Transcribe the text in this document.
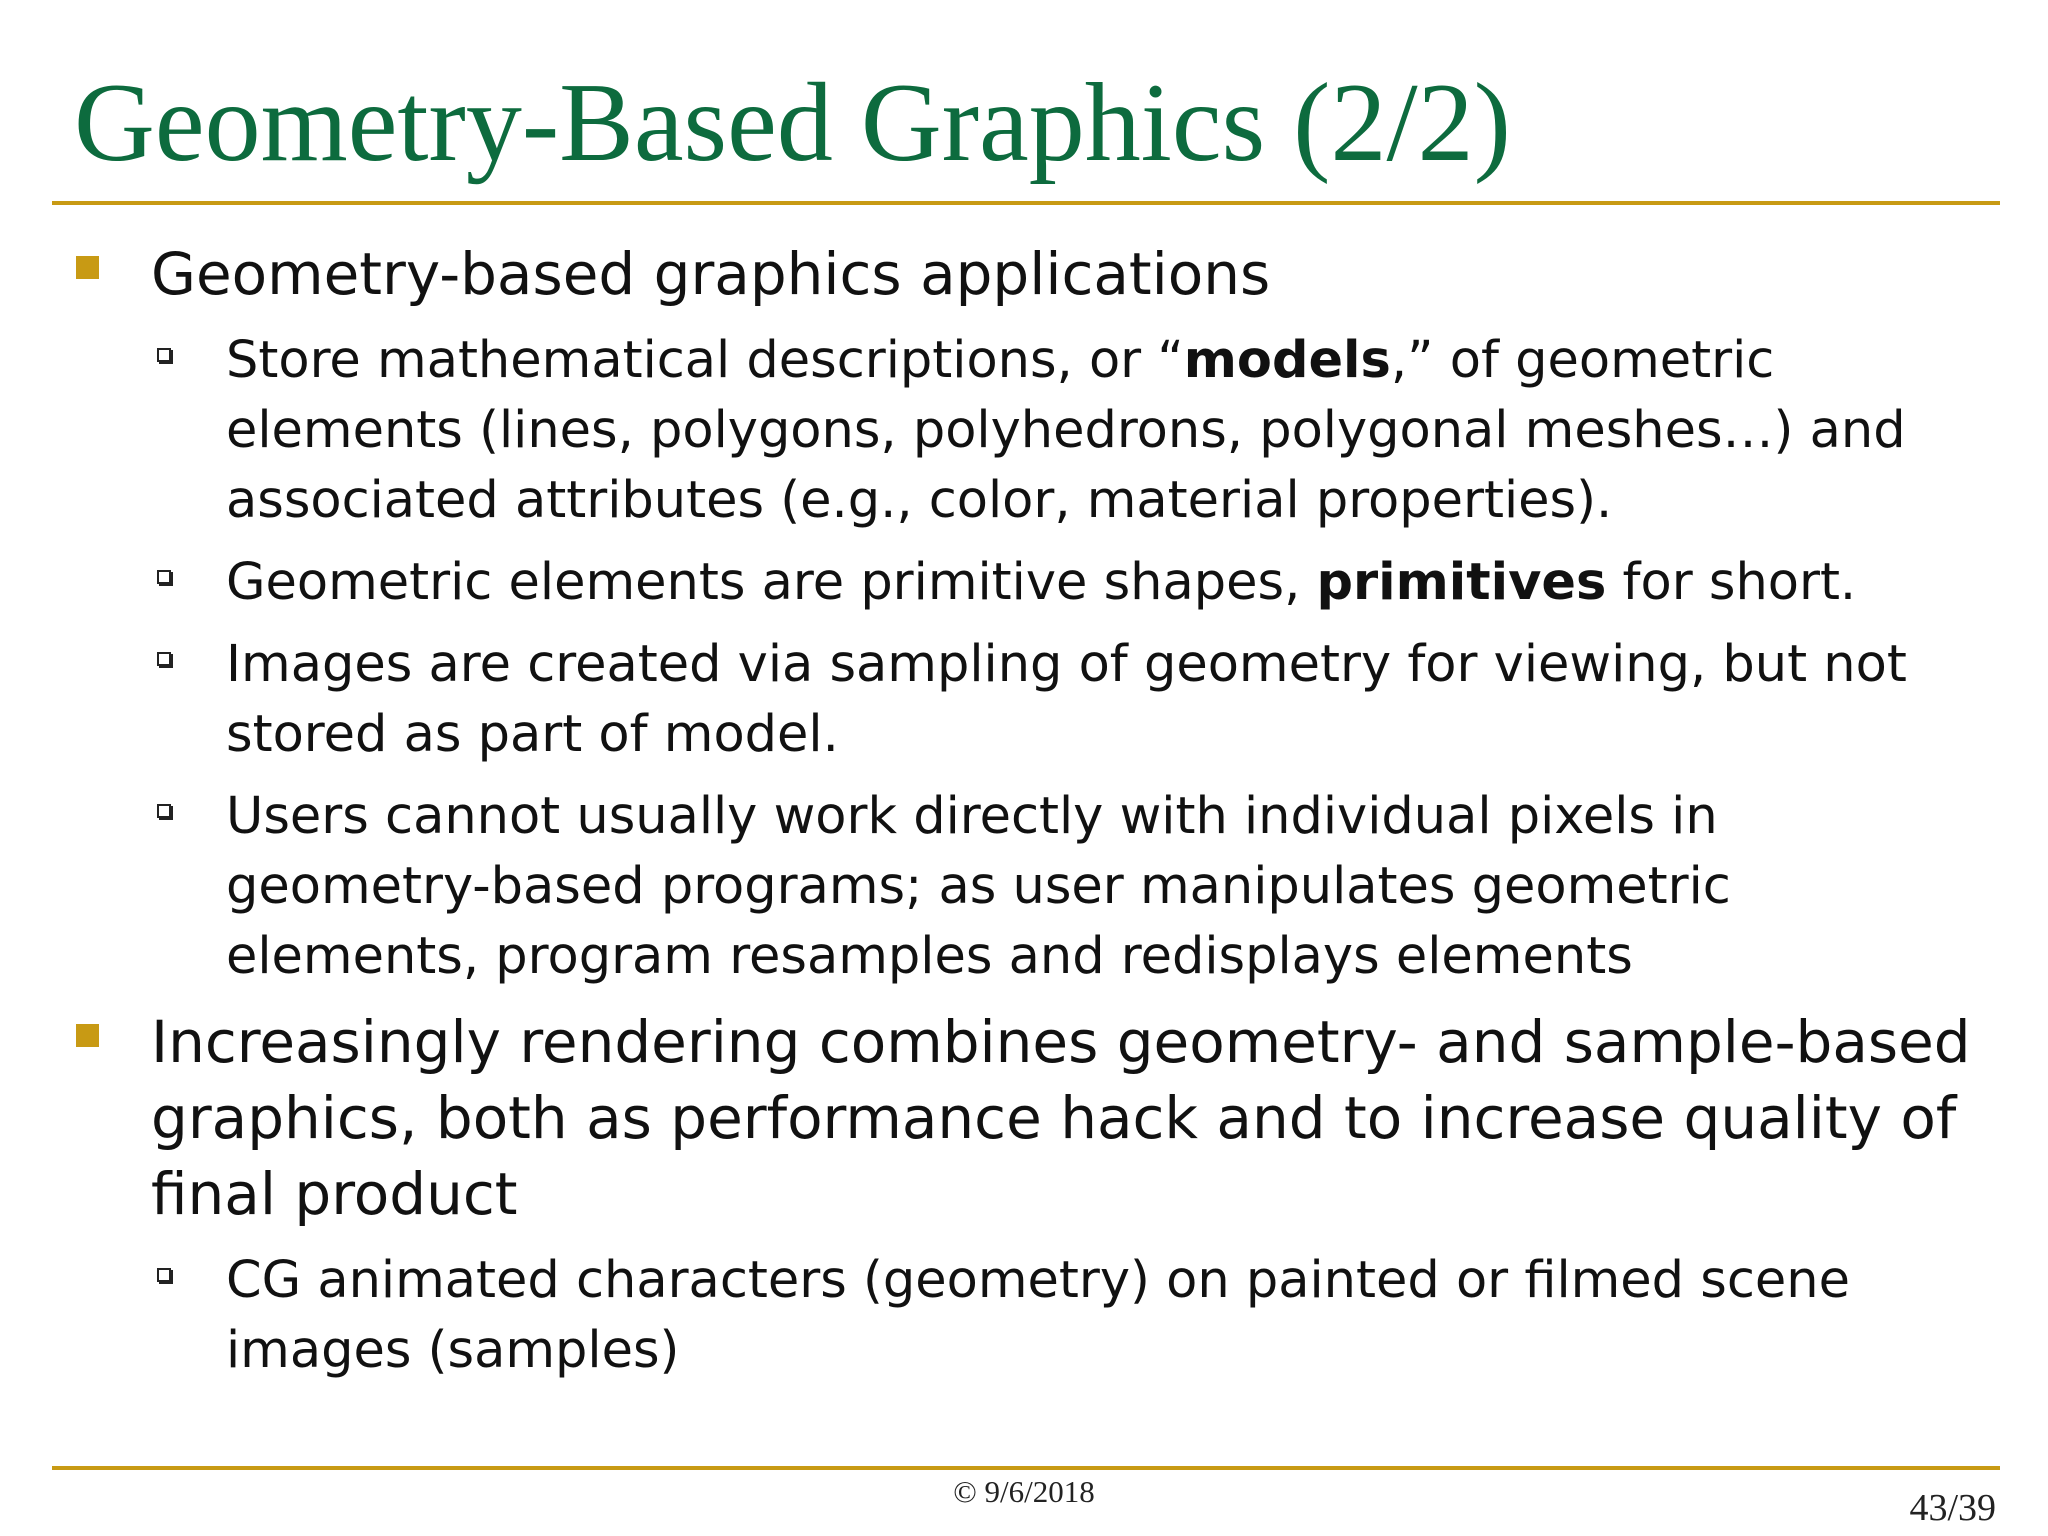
Geometry-Based Graphics (2/2)
Geometry-based graphics applications
Store mathematical descriptions, or “models,” of geometric elements (lines, polygons, polyhedrons, polygonal meshes…) and associated attributes (e.g., color, material properties).
Geometric elements are primitive shapes, primitives for short.
Images are created via sampling of geometry for viewing, but not stored as part of model.
Users cannot usually work directly with individual pixels in geometry-based programs; as user manipulates geometric elements, program resamples and redisplays elements
Increasingly rendering combines geometry- and sample-based graphics, both as performance hack and to increase quality of final product
CG animated characters (geometry) on painted or filmed scene images (samples)
© 9/6/2018	43/39
